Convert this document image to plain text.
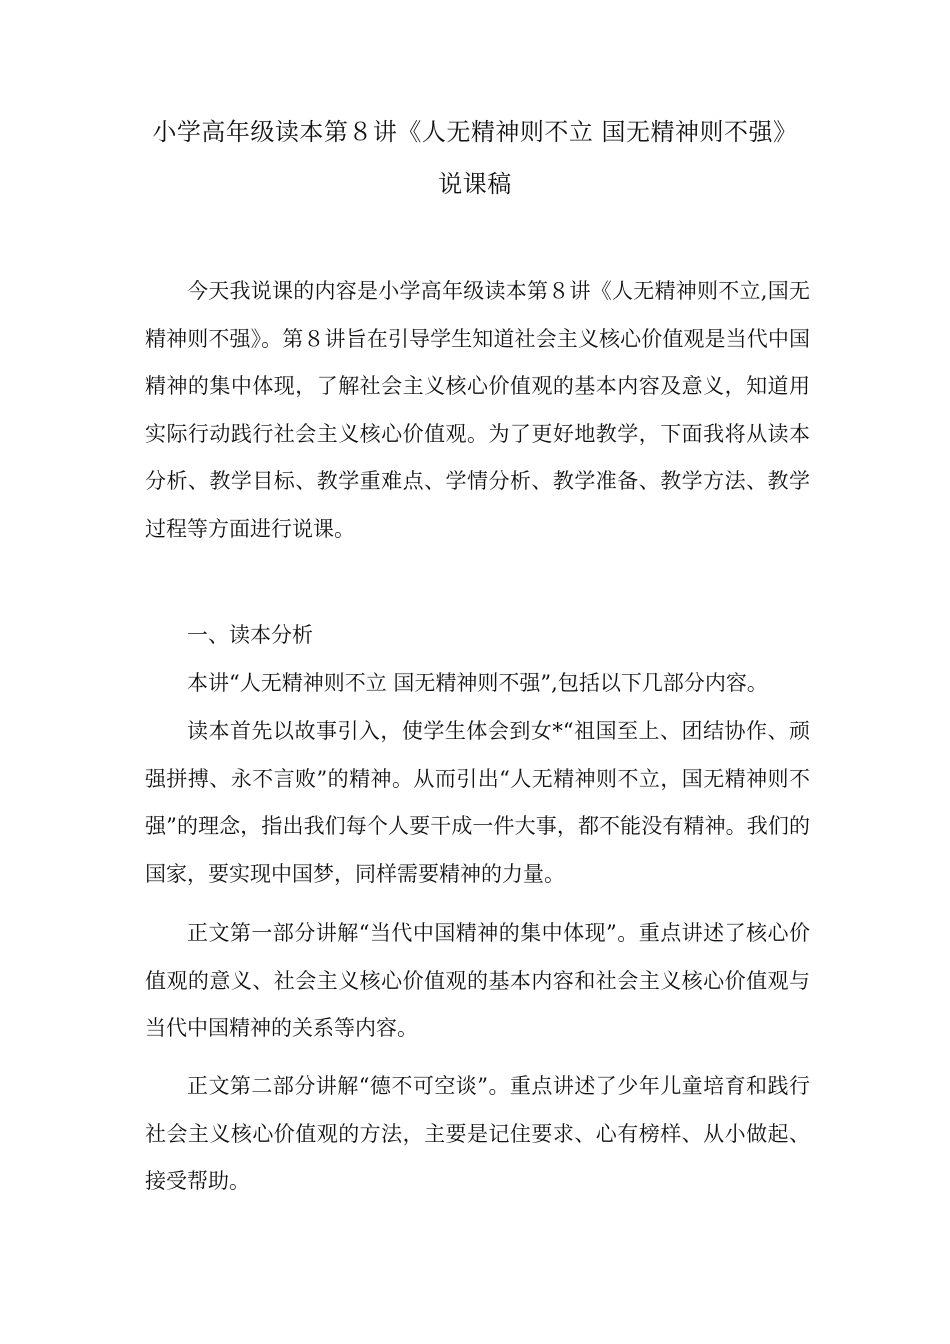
小学高年级读本第８讲《人无精神则不立 国无精神则不强》
说课稿

今天我说课的内容是小学高年级读本第８讲《人无精神则不立,国无精神则不强》。第８讲旨在引导学生知道社会主义核心价值观是当代中国精神的集中体现，了解社会主义核心价值观的基本内容及意义，知道用实际行动践行社会主义核心价值观。为了更好地教学，下面我将从读本分析、教学目标、教学重难点、学情分析、教学准备、教学方法、教学过程等方面进行说课。

一、读本分析

本讲“人无精神则不立 国无精神则不强”,包括以下几部分内容。

读本首先以故事引入，使学生体会到女*“祖国至上、团结协作、顽强拼搏、永不言败”的精神。从而引出“人无精神则不立，国无精神则不强”的理念，指出我们每个人要干成一件大事，都不能没有精神。我们的国家，要实现中国梦，同样需要精神的力量。

正文第一部分讲解“当代中国精神的集中体现”。重点讲述了核心价值观的意义、社会主义核心价值观的基本内容和社会主义核心价值观与当代中国精神的关系等内容。

正文第二部分讲解“德不可空谈”。重点讲述了少年儿童培育和践行社会主义核心价值观的方法，主要是记住要求、心有榜样、从小做起、接受帮助。
